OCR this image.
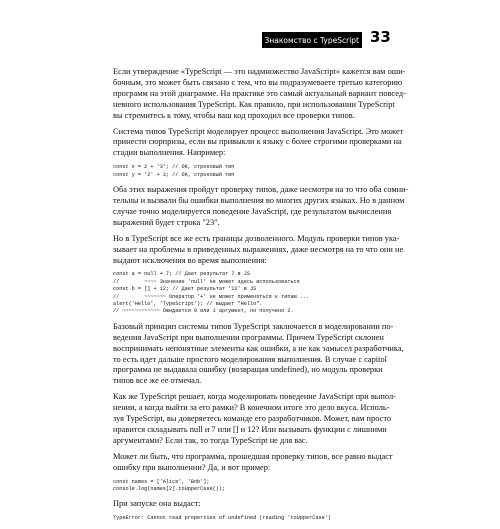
Знакомство с TypeScript 33
Если утверждение «TypeScript — это надмножество JavaScript» кажется вам оши-
бочным, это может быть связано с тем, что вы подразумеваете третью категорию
программ на этой диаграмме. На практике это самый актуальный вариант повсед-
невного использования TypeScript. Как правило, при использовании TypeScript
вы стремитесь к тому, чтобы ваш код проходил все проверки типов.
Система типов TypeScript моделирует процесс выполнения JavaScript. Это может
принести сюрпризы, если вы привыкли к языку с более строгими проверками на
стадии выполнения. Например:
const x = 2 + '3'; // OK, строковый тип
const y = '2' + 3; // OK, строковый тип
Оба этих выражения пройдут проверку типов, даже несмотря на то что оба сомни-
тельны и вызвали бы ошибки выполнения во многих других языках. Но в данном
случае точно моделируется поведение JavaScript, где результатом вычисления
выражений будет строка "23".
Но в TypeScript все же есть границы дозволенного. Модуль проверки типов ука-
зывает на проблемы в приведенных выражениях, даже несмотря на то что они не
выдают исключения во время выполнения:
const a = null + 7; // Дает результат 7 в JS
//        ~~~~ Значение 'null' не может здесь использоваться
const b = [] + 12; // Дает результат '12' в JS
//        ~~~~~~~ Оператор '+' не может применяться к типам ...
alert('Hello', 'TypeScript'); // выдает "Hello".
// ~~~~~~~~~~~~ Ожидается 0 или 1 аргумент, но получено 2.
Базовый принцип системы типов TypeScript заключается в моделировании по-
ведения JavaScript при выполнении программы. Причем TypeScript склонен
воспринимать непонятные элементы как ошибки, а не как замысел разработчика,
то есть идет дальше простого моделирования выполнения. В случае с capitol
программа не выдавала ошибку (возвращая undefined), но модуль проверки
типов все же ее отмечал.
Как же TypeScript решает, когда моделировать поведение JavaScript при выпол-
нении, а когда выйти за его рамки? В конечном итоге это дело вкуса. Исполь-
зуя TypeScript, вы доверяетесь команде его разработчиков. Может, вам просто
нравится складывать null и 7 или [] и 12? Или вызывать функции с лишними
аргументами? Если так, то тогда TypeScript не для вас.
Может ли быть, что программа, прошедшая проверку типов, все равно выдаст
ошибку при выполнении? Да, и вот пример:
const names = ['Alice', 'Bob'];
console.log(names[2].toUpperCase());
При запуске она выдаст:
TypeError: Cannot read properties of undefined (reading 'toUpperCase')
